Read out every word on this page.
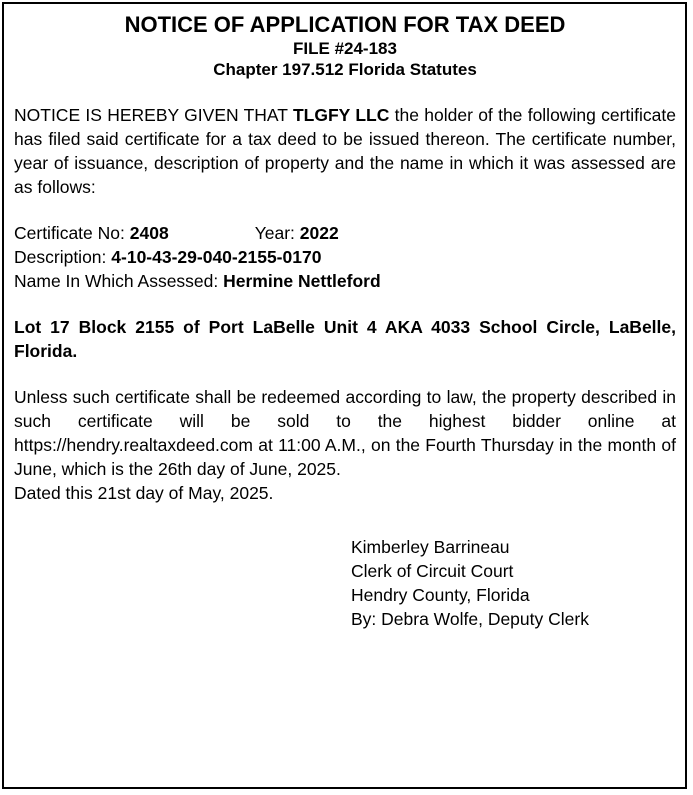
NOTICE OF APPLICATION FOR TAX DEED
FILE #24-183
Chapter 197.512 Florida Statutes

NOTICE IS HEREBY GIVEN THAT TLGFY LLC the holder of the following certificate has filed said certificate for a tax deed to be issued thereon. The certificate number, year of issuance, description of property and the name in which it was assessed are as follows:

Certificate No: 2408	Year: 2022
Description: 4-10-43-29-040-2155-0170
Name In Which Assessed: Hermine Nettleford

Lot 17 Block 2155 of Port LaBelle Unit 4 AKA 4033 School Circle, LaBelle, Florida.

Unless such certificate shall be redeemed according to law, the property described in such certificate will be sold to the highest bidder online at https://hendry.realtaxdeed.com at 11:00 A.M., on the Fourth Thursday in the month of June, which is the 26th day of June, 2025.

Dated this 21st day of May, 2025.

Kimberley Barrineau
Clerk of Circuit Court
Hendry County, Florida
By: Debra Wolfe, Deputy Clerk
